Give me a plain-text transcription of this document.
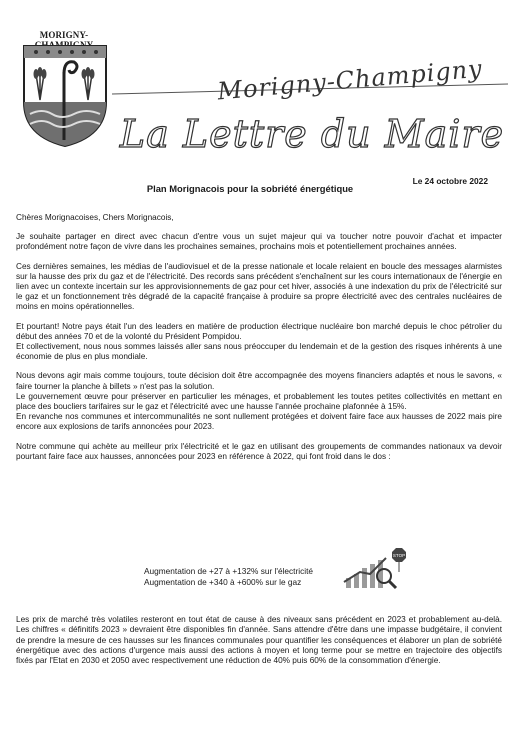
MORIGNY-
Morigny-Champigny
La Lettre du Maire
Le 24 octobre 2022
Plan Morignacois pour la sobriété énergétique

Chères Morignacoises, Chers Morignacois,

Je souhaite partager en direct avec chacun d'entre vous un sujet majeur qui va toucher notre pouvoir d'achat et impacter profondément notre façon de vivre dans les prochaines semaines, prochains mois et potentiellement prochaines années.

Ces dernières semaines, les médias de l'audiovisuel et de la presse nationale et locale relaient en boucle des messages alarmistes sur la hausse des prix du gaz et de l'électricité. Des records sans précédent s'enchaînent sur les cours internationaux de l'énergie en lien avec un contexte incertain sur les approvisionnements de gaz pour cet hiver, associés à une indexation du prix de l'électricité sur le gaz et un fonctionnement très dégradé de la capacité française à produire sa propre électricité avec des centrales nucléaires de moins en moins opérationnelles.

Et pourtant! Notre pays était l'un des leaders en matière de production électrique nucléaire bon marché depuis le choc pétrolier du début des années 70 et de la volonté du Président Pompidou.

Et collectivement, nous nous sommes laissés aller sans nous préoccuper du lendemain et de la gestion des risques inhérents à une économie de plus en plus mondiale.

Nous devons agir mais comme toujours, toute décision doit être accompagnée des moyens financiers adaptés et nous le savons, « faire tourner la planche à billets » n'est pas la solution.

Le gouvernement œuvre pour préserver en particulier les ménages, et probablement les toutes petites collectivités en mettant en place des boucliers tarifaires sur le gaz et l'électricité avec une hausse l'année prochaine plafonnée à 15%.

En revanche nos communes et intercommunalités ne sont nullement protégées et doivent faire face aux hausses de 2022 mais pire encore aux explosions de tarifs annoncées pour 2023.

Notre commune qui achète au meilleur prix l'électricité et le gaz en utilisant des groupements de commandes nationaux va devoir pourtant faire face aux hausses, annoncées pour 2023 en référence à 2022, qui font froid dans le dos :

Augmentation de +27 à +132% sur l'électricité
Augmentation de +340 à +600% sur le gaz
STOP

Les prix de marché très volatiles resteront en tout état de cause à des niveaux sans précédent en 2023 et probablement au-delà. Les chiffres « définitifs 2023 » devraient être disponibles fin d'année. Sans attendre d'être dans une impasse budgétaire, il convient de prendre la mesure de ces hausses sur les finances communales pour quantifier les conséquences et élaborer un plan de sobriété énergétique avec des actions d'urgence mais aussi des actions à moyen et long terme pour se mettre en trajectoire des objectifs fixés par l'Etat en 2030 et 2050 avec respectivement une réduction de 40% puis 60% de la consommation d'énergie.
